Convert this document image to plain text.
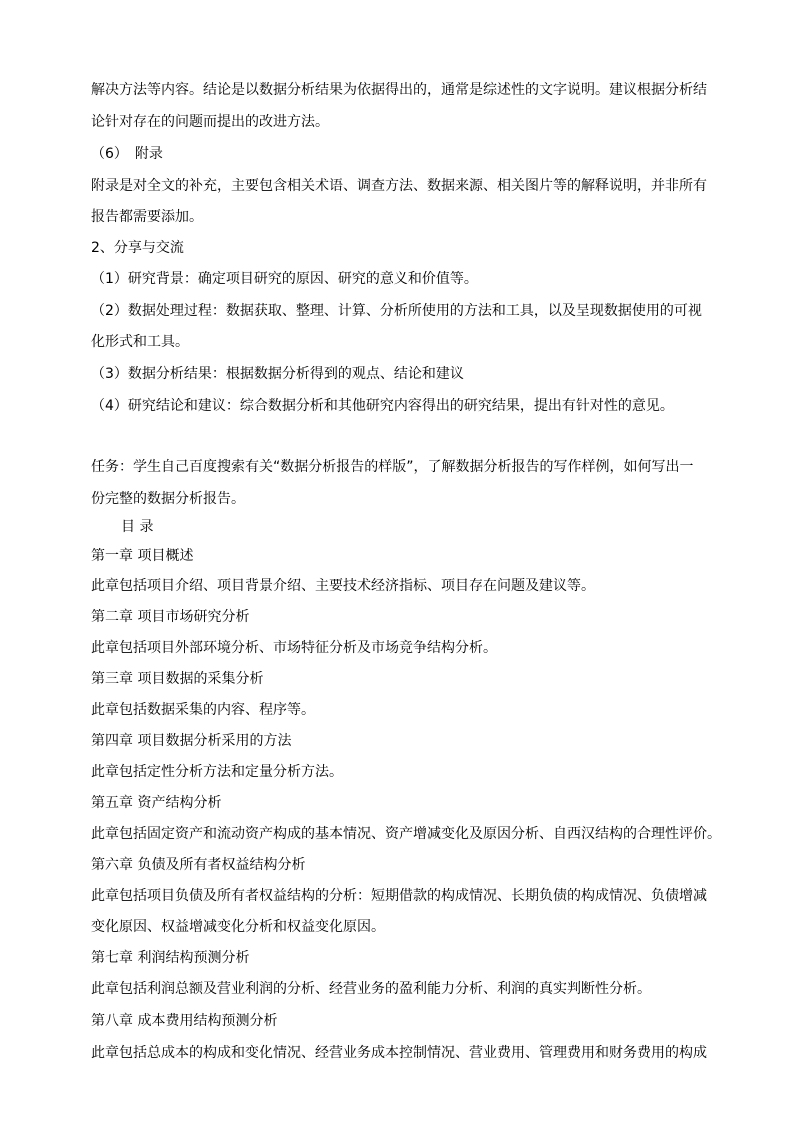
解决方法等内容。结论是以数据分析结果为依据得出的，通常是综述性的文字说明。建议根据分析结

论针对存在的问题而提出的改进方法。

（6）　附录

附录是对全文的补充，主要包含相关术语、调查方法、数据来源、相关图片等的解释说明，并非所有

报告都需要添加。

2、分享与交流

（1）研究背景：确定项目研究的原因、研究的意义和价值等。

（2）数据处理过程：数据获取、整理、计算、分析所使用的方法和工具，以及呈现数据使用的可视

化形式和工具。

（3）数据分析结果：根据数据分析得到的观点、结论和建议

（4）研究结论和建议：综合数据分析和其他研究内容得出的研究结果，提出有针对性的意见。

任务：学生自己百度搜索有关“数据分析报告的样版”，了解数据分析报告的写作样例，如何写出一

份完整的数据分析报告。

目 录

第一章 项目概述

此章包括项目介绍、项目背景介绍、主要技术经济指标、项目存在问题及建议等。

第二章 项目市场研究分析

此章包括项目外部环境分析、市场特征分析及市场竞争结构分析。

第三章 项目数据的采集分析

此章包括数据采集的内容、程序等。

第四章 项目数据分析采用的方法

此章包括定性分析方法和定量分析方法。

第五章 资产结构分析

此章包括固定资产和流动资产构成的基本情况、资产增减变化及原因分析、自西汉结构的合理性评价。

第六章 负债及所有者权益结构分析

此章包括项目负债及所有者权益结构的分析：短期借款的构成情况、长期负债的构成情况、负债增减

变化原因、权益增减变化分析和权益变化原因。

第七章 利润结构预测分析

此章包括利润总额及营业利润的分析、经营业务的盈利能力分析、利润的真实判断性分析。

第八章 成本费用结构预测分析

此章包括总成本的构成和变化情况、经营业务成本控制情况、营业费用、管理费用和财务费用的构成
